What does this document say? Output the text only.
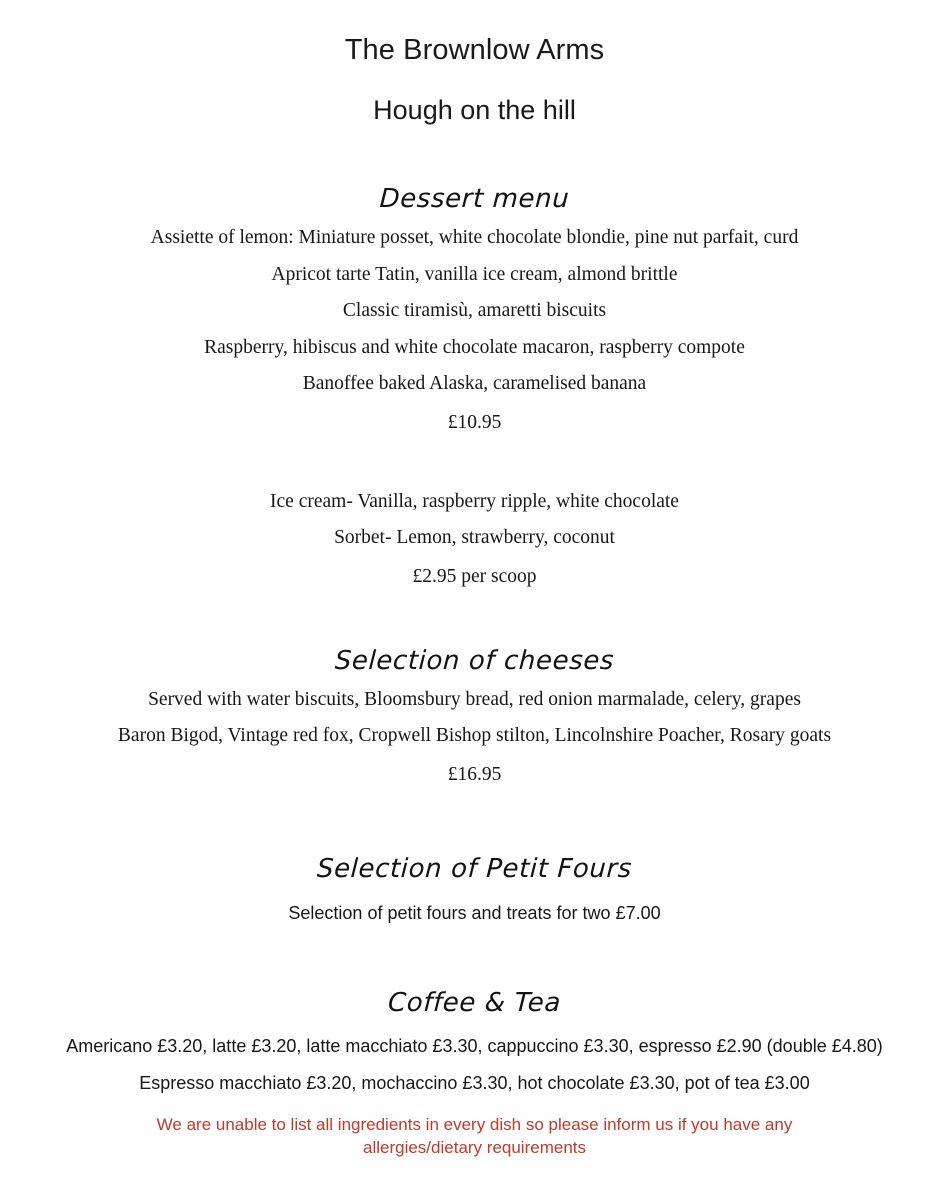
The Brownlow Arms
Hough on the hill
Dessert menu

Assiette of lemon: Miniature posset, white chocolate blondie, pine nut parfait, curd

Apricot tarte Tatin, vanilla ice cream, almond brittle

Classic tiramisù, amaretti biscuits

Raspberry, hibiscus and white chocolate macaron, raspberry compote

Banoffee baked Alaska, caramelised banana

£10.95

Ice cream- Vanilla, raspberry ripple, white chocolate

Sorbet- Lemon, strawberry, coconut

£2.95 per scoop

Selection of cheeses

Served with water biscuits, Bloomsbury bread, red onion marmalade, celery, grapes

Baron Bigod, Vintage red fox, Cropwell Bishop stilton, Lincolnshire Poacher, Rosary goats

£16.95

Selection of Petit Fours

Selection of petit fours and treats for two £7.00

Coffee & Tea

Americano £3.20, latte £3.20, latte macchiato £3.30, cappuccino £3.30, espresso £2.90 (double £4.80)

Espresso macchiato £3.20, mochaccino £3.30, hot chocolate £3.30, pot of tea £3.00

We are unable to list all ingredients in every dish so please inform us if you have any
allergies/dietary requirements
